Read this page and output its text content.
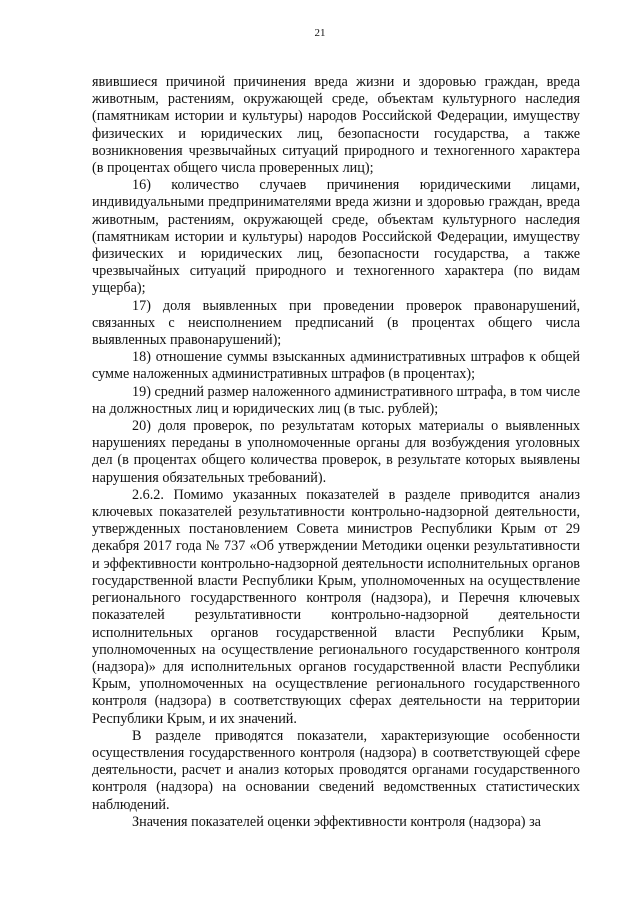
21

явившиеся причиной причинения вреда жизни и здоровью граждан, вреда животным, растениям, окружающей среде, объектам культурного наследия (памятникам истории и культуры) народов Российской Федерации, имуществу физических и юридических лиц, безопасности государства, а также возникновения чрезвычайных ситуаций природного и техногенного характера (в процентах общего числа проверенных лиц);

16) количество случаев причинения юридическими лицами, индивидуальными предпринимателями вреда жизни и здоровью граждан, вреда животным, растениям, окружающей среде, объектам культурного наследия (памятникам истории и культуры) народов Российской Федерации, имуществу физических и юридических лиц, безопасности государства, а также чрезвычайных ситуаций природного и техногенного характера (по видам ущерба);

17) доля выявленных при проведении проверок правонарушений, связанных с неисполнением предписаний (в процентах общего числа выявленных правонарушений);

18) отношение суммы взысканных административных штрафов к общей сумме наложенных административных штрафов (в процентах);

19) средний размер наложенного административного штрафа, в том числе на должностных лиц и юридических лиц (в тыс. рублей);

20) доля проверок, по результатам которых материалы о выявленных нарушениях переданы в уполномоченные органы для возбуждения уголовных дел (в процентах общего количества проверок, в результате которых выявлены нарушения обязательных требований).

2.6.2. Помимо указанных показателей в разделе приводится анализ ключевых показателей результативности контрольно-надзорной деятельности, утвержденных постановлением Совета министров Республики Крым от 29 декабря 2017 года № 737 «Об утверждении Методики оценки результативности и эффективности контрольно-надзорной деятельности исполнительных органов государственной власти Республики Крым, уполномоченных на осуществление регионального государственного контроля (надзора), и Перечня ключевых показателей результативности контрольно-надзорной деятельности исполнительных органов государственной власти Республики Крым, уполномоченных на осуществление регионального государственного контроля (надзора)» для исполнительных органов государственной власти Республики Крым, уполномоченных на осуществление регионального государственного контроля (надзора) в соответствующих сферах деятельности на территории Республики Крым, и их значений.

В разделе приводятся показатели, характеризующие особенности осуществления государственного контроля (надзора) в соответствующей сфере деятельности, расчет и анализ которых проводятся органами государственного контроля (надзора) на основании сведений ведомственных статистических наблюдений.

Значения показателей оценки эффективности контроля (надзора) за
